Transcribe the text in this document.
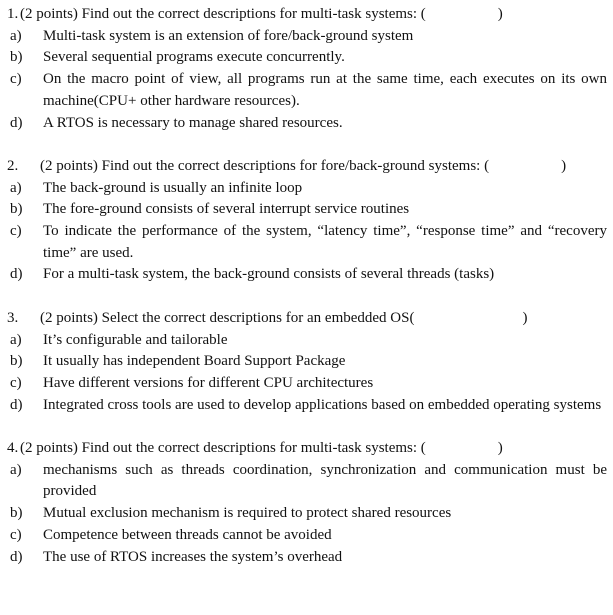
1. (2 points) Find out the correct descriptions for multi-task systems: (	)
a) Multi-task system is an extension of fore/back-ground system
b) Several sequential programs execute concurrently.
c) On the macro point of view, all programs run at the same time, each executes on its own machine(CPU+ other hardware resources).
d) A RTOS is necessary to manage shared resources.
2. (2 points) Find out the correct descriptions for fore/back-ground systems: (	)
a) The back-ground is usually an infinite loop
b) The fore-ground consists of several interrupt service routines
c) To indicate the performance of the system, “latency time”, “response time” and “recovery time” are used.
d) For a multi-task system, the back-ground consists of several threads (tasks)
3. (2 points) Select the correct descriptions for an embedded OS(	)
a) It’s configurable and tailorable
b) It usually has independent Board Support Package
c) Have different versions for different CPU architectures
d) Integrated cross tools are used to develop applications based on embedded operating systems
4. (2 points) Find out the correct descriptions for multi-task systems: (	)
a) mechanisms such as threads coordination, synchronization and communication must be provided
b) Mutual exclusion mechanism is required to protect shared resources
c) Competence between threads cannot be avoided
d) The use of RTOS increases the system’s overhead
